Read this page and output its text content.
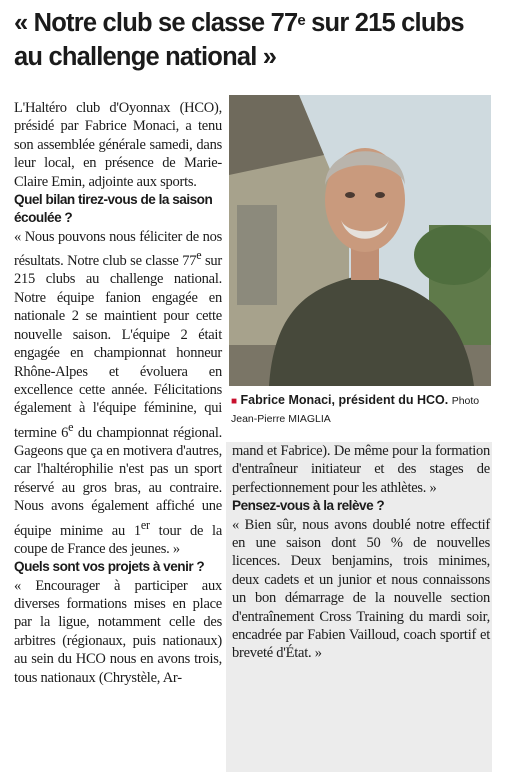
« Notre club se classe 77e sur 215 clubs au challenge national »

L'Haltéro club d'Oyonnax (HCO), présidé par Fabrice Monaci, a tenu son assemblée générale samedi, dans leur local, en présence de Marie-Claire Emin, adjointe aux sports.

Quel bilan tirez-vous de la saison écoulée ?

« Nous pouvons nous féliciter de nos résultats. Notre club se classe 77e sur 215 clubs au challenge national. Notre équipe fanion engagée en nationale 2 se maintient pour cette nouvelle saison. L'équipe 2 était engagée en championnat honneur Rhône-Alpes et évoluera en excellence cette année. Félicitations également à l'équipe féminine, qui termine 6e du championnat régional. Gageons que ça en motivera d'autres, car l'haltérophilie n'est pas un sport réservé au gros bras, au contraire. Nous avons également affiché une équipe minime au 1er tour de la coupe de France des jeunes. »

Quels sont vos projets à venir ?

« Encourager à participer aux diverses formations mises en place par la ligue, notamment celle des arbitres (régionaux, puis nationaux) au sein du HCO nous en avons trois, tous nationaux (Chrystèle, Ar-

■ Fabrice Monaci, président du HCO. Photo Jean-Pierre MIAGLIA

mand et Fabrice). De même pour la formation d'entraîneur initiateur et des stages de perfectionnement pour les athlètes. »

Pensez-vous à la relève ?

« Bien sûr, nous avons doublé notre effectif en une saison dont 50 % de nouvelles licences. Deux benjamins, trois minimes, deux cadets et un junior et nous connaissons un bon démarrage de la nouvelle section d'entraînement Cross Training du mardi soir, encadrée par Fabien Vailloud, coach sportif et breveté d'État. »
